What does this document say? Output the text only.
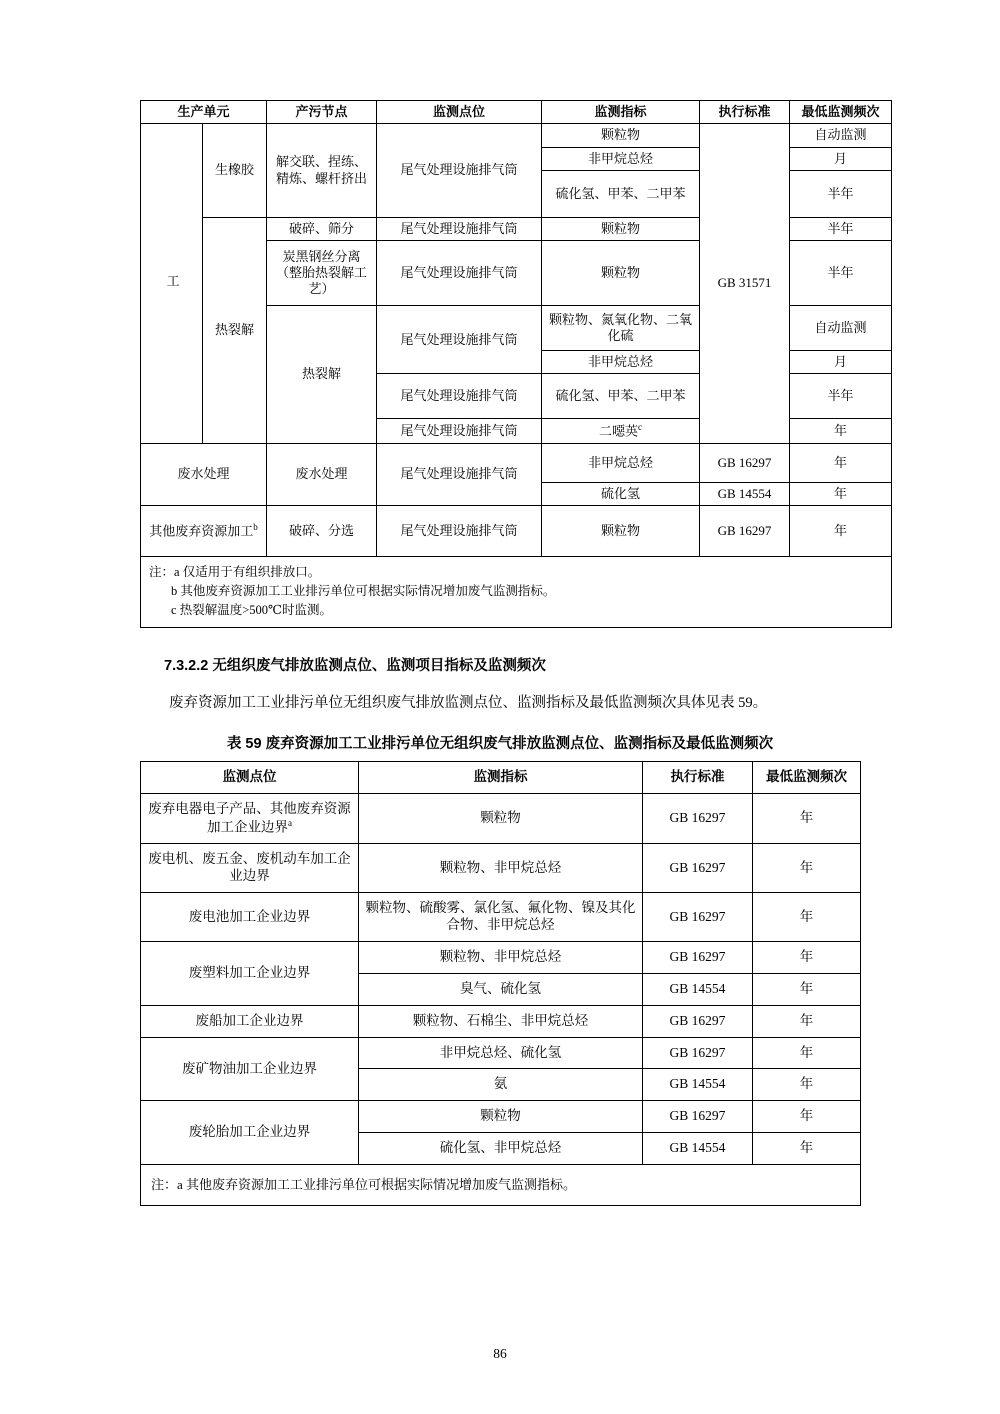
生产单元		产污节点	监测点位	监测指标	执行标准	最低监测频次
工	生橡胶	解交联、捏练、精炼、螺杆挤出	尾气处理设施排气筒	颗粒物	GB 31571	自动监测
				非甲烷总烃		月
				硫化氢、甲苯、二甲苯		半年
	热裂解	破碎、筛分	尾气处理设施排气筒	颗粒物		半年
		炭黑钢丝分离（整胎热裂解工艺）	尾气处理设施排气筒	颗粒物		半年
		热裂解	尾气处理设施排气筒	颗粒物、氮氧化物、二氧化硫		自动监测
				非甲烷总烃		月
			尾气处理设施排气筒	硫化氢、甲苯、二甲苯		半年
			尾气处理设施排气筒	二噁英$^c$		年
废水处理		废水处理	尾气处理设施排气筒	非甲烷总烃	GB 16297	年
				硫化氢	GB 14554	年
其他废弃资源加工$^b$		破碎、分选	尾气处理设施排气筒	颗粒物	GB 16297	年

注：a 仅适用于有组织排放口。
b 其他废弃资源加工工业排污单位可根据实际情况增加废气监测指标。
c 热裂解温度>500℃时监测。						
7.3.2.2 无组织废气排放监测点位、监测项目指标及监测频次

废弃资源加工工业排污单位无组织废气排放监测点位、监测指标及最低监测频次具体见表 59。

表 59 废弃资源加工工业排污单位无组织废气排放监测点位、监测指标及最低监测频次
监测点位	监测指标	执行标准	最低监测频次
废弃电器电子产品、其他废弃资源加工企业边界$^a$	颗粒物	GB 16297	年
废电机、废五金、废机动车加工企业边界	颗粒物、非甲烷总烃	GB 16297	年
废电池加工企业边界	颗粒物、硫酸雾、氯化氢、氟化物、镍及其化合物、非甲烷总烃	GB 16297	年
废塑料加工企业边界	颗粒物、非甲烷总烃	GB 16297	年
	臭气、硫化氢	GB 14554	年
废船加工企业边界	颗粒物、石棉尘、非甲烷总烃	GB 16297	年
废矿物油加工企业边界	非甲烷总烃、硫化氢	GB 16297	年
	氨	GB 14554	年
废轮胎加工企业边界	颗粒物	GB 16297	年
	硫化氢、非甲烷总烃	GB 14554	年
注：a 其他废弃资源加工工业排污单位可根据实际情况增加废气监测指标。			
86
